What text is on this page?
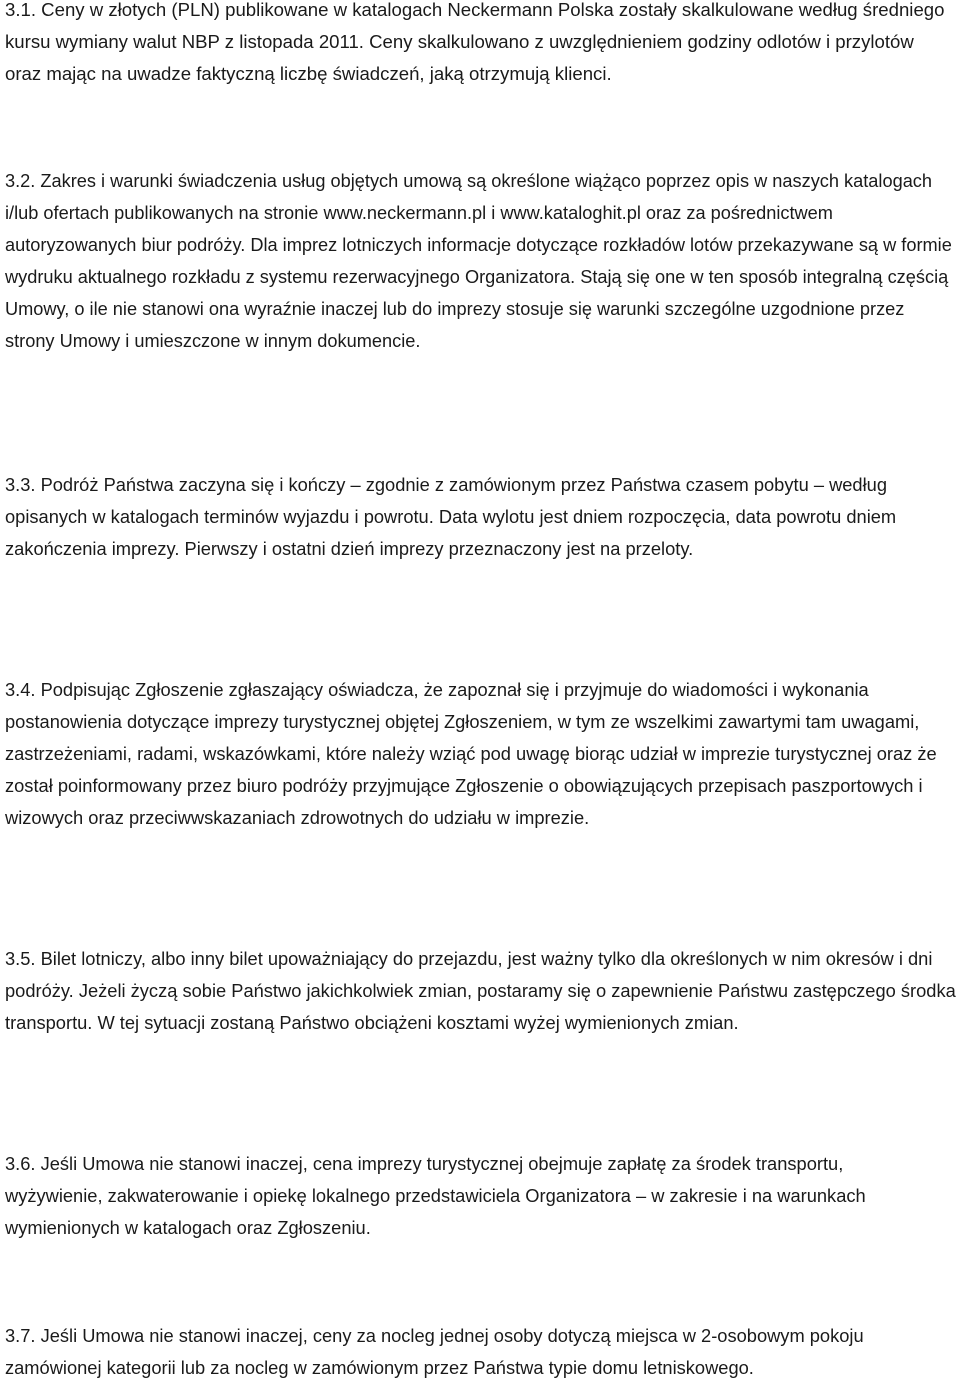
3.1. Ceny w złotych (PLN) publikowane w katalogach Neckermann Polska zostały skalkulowane według średniego kursu wymiany walut NBP z listopada 2011. Ceny skalkulowano z uwzględnieniem godziny odlotów i przylotów oraz mając na uwadze faktyczną liczbę świadczeń, jaką otrzymują klienci.

3.2. Zakres i warunki świadczenia usług objętych umową są określone wiążąco poprzez opis w naszych katalogach i/lub ofertach publikowanych na stronie www.neckermann.pl i www.kataloghit.pl oraz za pośrednictwem autoryzowanych biur podróży. Dla imprez lotniczych informacje dotyczące rozkładów lotów przekazywane są w formie wydruku aktualnego rozkładu z systemu rezerwacyjnego Organizatora. Stają się one w ten sposób integralną częścią Umowy, o ile nie stanowi ona wyraźnie inaczej lub do imprezy stosuje się warunki szczególne uzgodnione przez strony Umowy i umieszczone w innym dokumencie.

3.3. Podróż Państwa zaczyna się i kończy – zgodnie z zamówionym przez Państwa czasem pobytu – według opisanych w katalogach terminów wyjazdu i powrotu. Data wylotu jest dniem rozpoczęcia, data powrotu dniem zakończenia imprezy. Pierwszy i ostatni dzień imprezy przeznaczony jest na przeloty.

3.4. Podpisując Zgłoszenie zgłaszający oświadcza, że zapoznał się i przyjmuje do wiadomości i wykonania postanowienia dotyczące imprezy turystycznej objętej Zgłoszeniem, w tym ze wszelkimi zawartymi tam uwagami, zastrzeżeniami, radami, wskazówkami, które należy wziąć pod uwagę biorąc udział w imprezie turystycznej oraz że został poinformowany przez biuro podróży przyjmujące Zgłoszenie o obowiązujących przepisach paszportowych i wizowych oraz przeciwwskazaniach zdrowotnych do udziału w imprezie.

3.5. Bilet lotniczy, albo inny bilet upoważniający do przejazdu, jest ważny tylko dla określonych w nim okresów i dni podróży. Jeżeli życzą sobie Państwo jakichkolwiek zmian, postaramy się o zapewnienie Państwu zastępczego środka transportu. W tej sytuacji zostaną Państwo obciążeni kosztami wyżej wymienionych zmian.

3.6. Jeśli Umowa nie stanowi inaczej, cena imprezy turystycznej obejmuje zapłatę za środek transportu, wyżywienie, zakwaterowanie i opiekę lokalnego przedstawiciela Organizatora – w zakresie i na warunkach wymienionych w katalogach oraz Zgłoszeniu.

3.7. Jeśli Umowa nie stanowi inaczej, ceny za nocleg jednej osoby dotyczą miejsca w 2-osobowym pokoju zamówionej kategorii lub za nocleg w zamówionym przez Państwa typie domu letniskowego.
